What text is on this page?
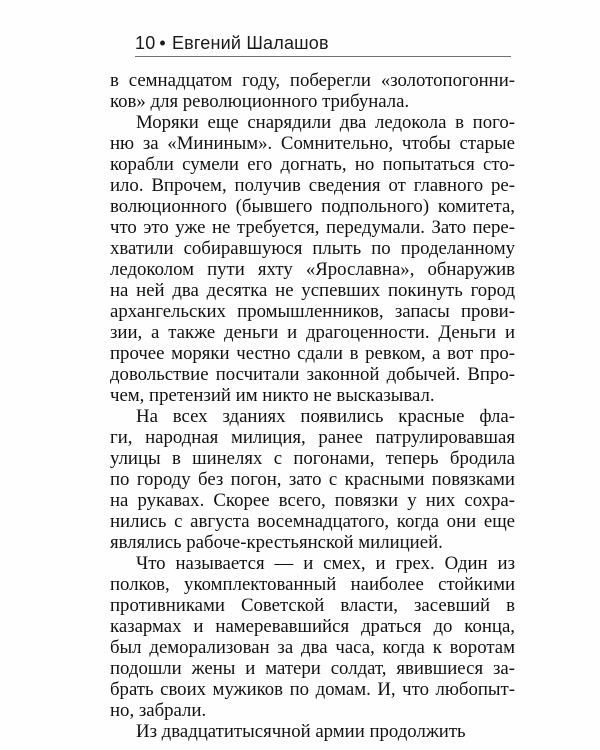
10 • Евгений Шалашов
в семнадцатом году, поберегли «золотопогонни-
ков» для революционного трибунала.
Моряки еще снарядили два ледокола в пого-
ню за «Мининым». Сомнительно, чтобы старые
корабли сумели его догнать, но попытаться сто-
ило. Впрочем, получив сведения от главного ре-
волюционного (бывшего подпольного) комитета,
что это уже не требуется, передумали. Зато пере-
хватили собиравшуюся плыть по проделанному
ледоколом пути яхту «Ярославна», обнаружив
на ней два десятка не успевших покинуть город
архангельских промышленников, запасы прови-
зии, а также деньги и драгоценности. Деньги и
прочее моряки честно сдали в ревком, а вот про-
довольствие посчитали законной добычей. Впро-
чем, претензий им никто не высказывал.
На всех зданиях появились красные фла-
ги, народная милиция, ранее патрулировавшая
улицы в шинелях с погонами, теперь бродила
по городу без погон, зато с красными повязками
на рукавах. Скорее всего, повязки у них сохра-
нились с августа восемнадцатого, когда они еще
являлись рабоче-крестьянской милицией.
Что называется — и смех, и грех. Один из
полков, укомплектованный наиболее стойкими
противниками Советской власти, засевший в
казармах и намеревавшийся драться до конца,
был деморализован за два часа, когда к воротам
подошли жены и матери солдат, явившиеся за-
брать своих мужиков по домам. И, что любопыт-
но, забрали.
Из двадцатитысячной армии продолжить
